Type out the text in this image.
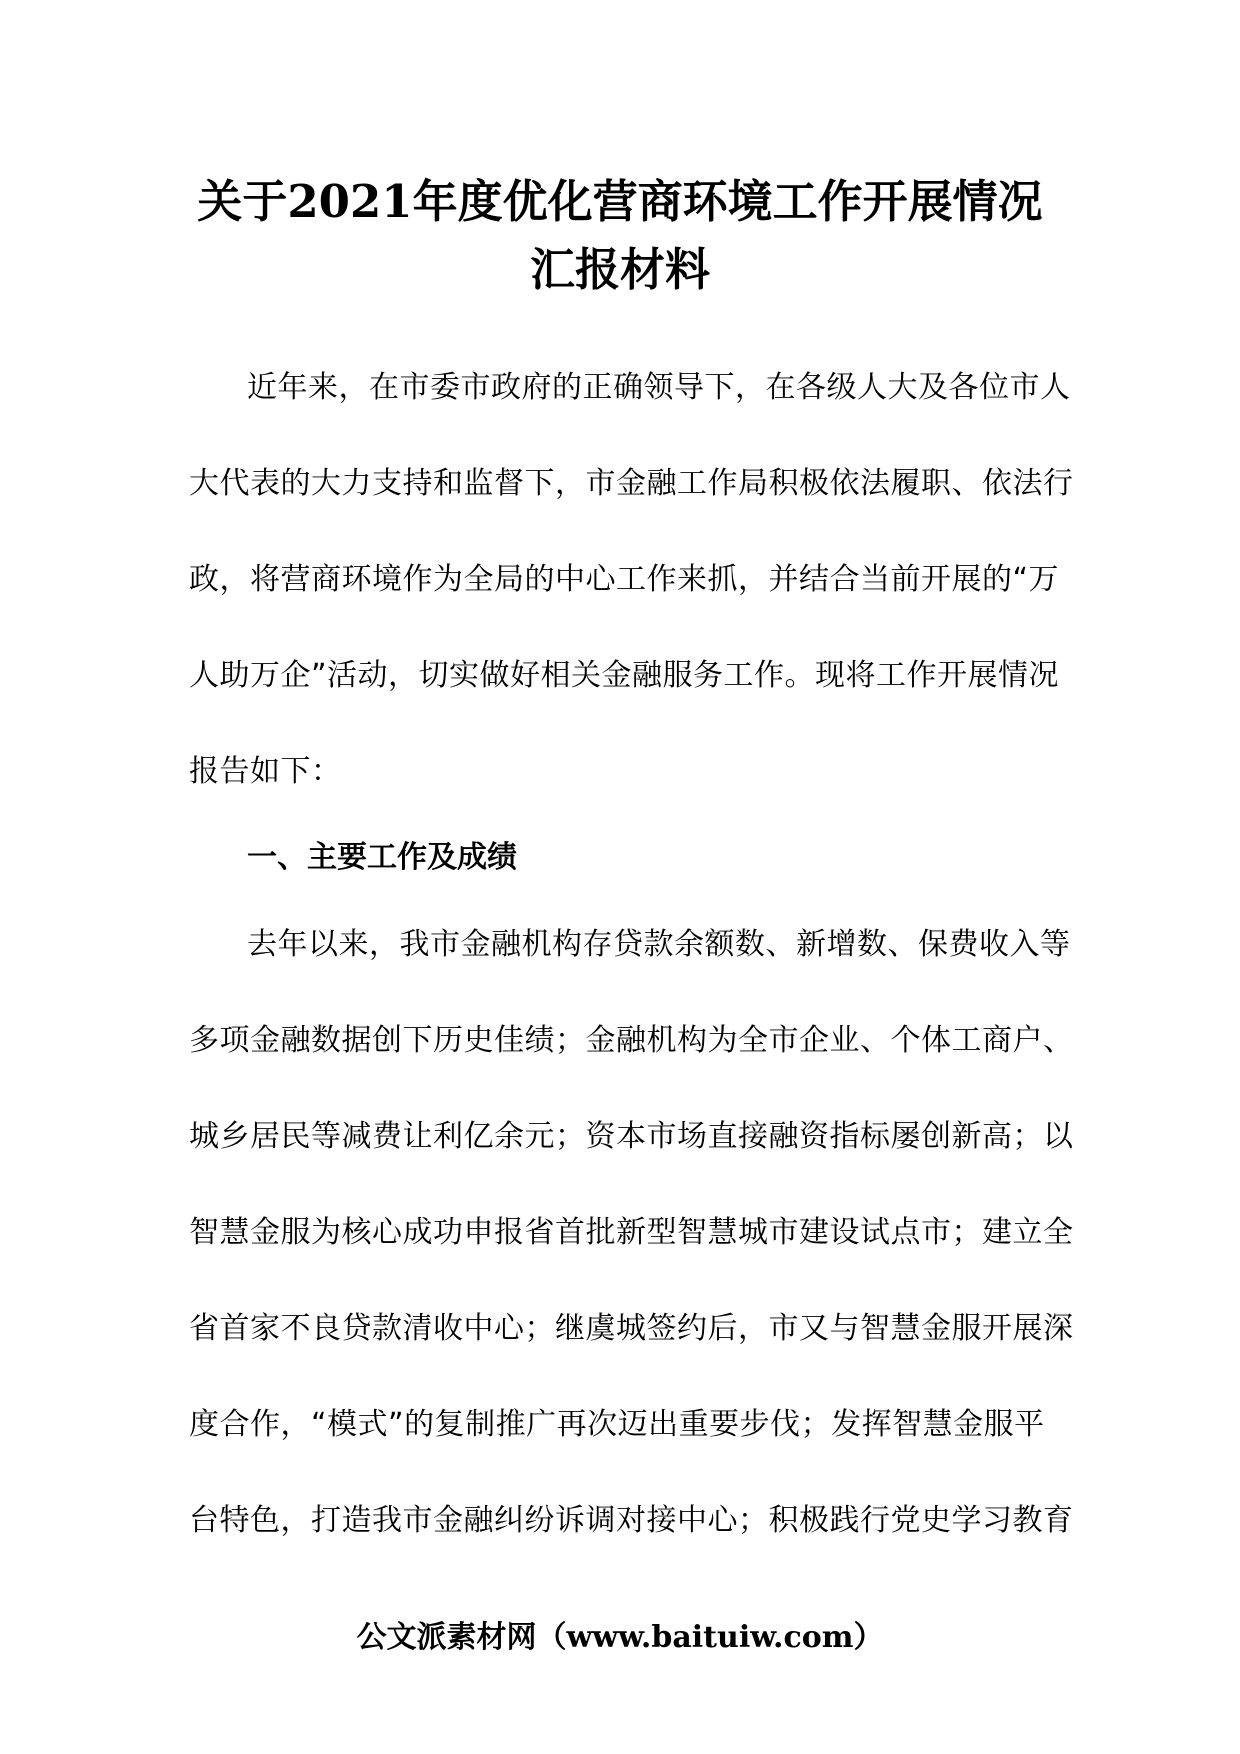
关于2021年度优化营商环境工作开展情况
汇报材料
近年来，在市委市政府的正确领导下，在各级人大及各位市人
大代表的大力支持和监督下，市金融工作局积极依法履职、依法行
政，将营商环境作为全局的中心工作来抓，并结合当前开展的“万
人助万企”活动，切实做好相关金融服务工作。现将工作开展情况
报告如下：
一、主要工作及成绩
去年以来，我市金融机构存贷款余额数、新增数、保费收入等
多项金融数据创下历史佳绩；金融机构为全市企业、个体工商户、
城乡居民等减费让利亿余元；资本市场直接融资指标屡创新高；以
智慧金服为核心成功申报省首批新型智慧城市建设试点市；建立全
省首家不良贷款清收中心；继虞城签约后，市又与智慧金服开展深
度合作，“模式”的复制推广再次迈出重要步伐；发挥智慧金服平
台特色，打造我市金融纠纷诉调对接中心；积极践行党史学习教育
公文派素材网（www.baituiw.com）
